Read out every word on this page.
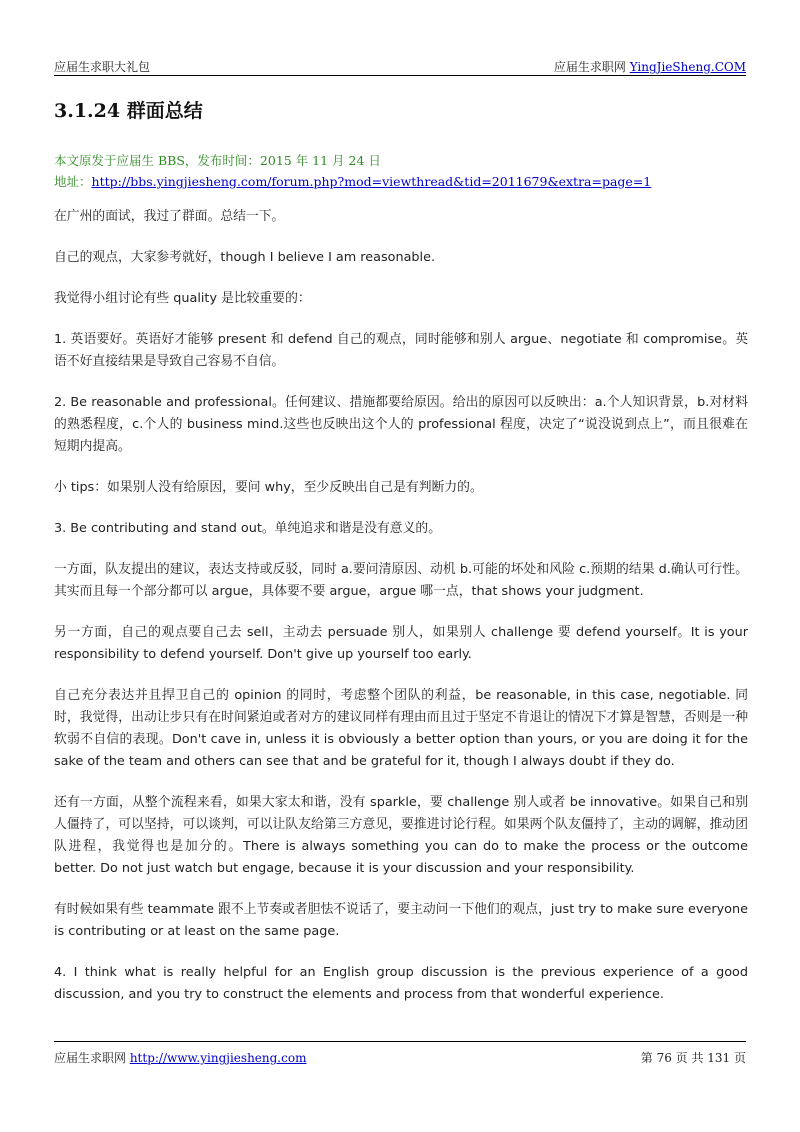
应届生求职大礼包	应届生求职网 YingJieSheng.COM
3.1.24 群面总结
本文原发于应届生 BBS，发布时间：2015 年 11 月 24 日
地址：http://bbs.yingjiesheng.com/forum.php?mod=viewthread&tid=2011679&extra=page=1

在广州的面试，我过了群面。总结一下。

自己的观点，大家参考就好，though I believe I am reasonable.

我觉得小组讨论有些 quality 是比较重要的：

1. 英语要好。英语好才能够 present 和 defend 自己的观点，同时能够和别人 argue、negotiate 和 compromise。英语不好直接结果是导致自己容易不自信。

2. Be reasonable and professional。任何建议、措施都要给原因。给出的原因可以反映出：a.个人知识背景，b.对材料的熟悉程度，c.个人的 business mind.这些也反映出这个人的 professional 程度，决定了“说没说到点上”，而且很难在短期内提高。

小 tips：如果别人没有给原因，要问 why，至少反映出自己是有判断力的。

3. Be contributing and stand out。单纯追求和谐是没有意义的。

一方面，队友提出的建议，表达支持或反驳，同时 a.要问清原因、动机 b.可能的坏处和风险 c.预期的结果 d.确认可行性。其实而且每一个部分都可以 argue，具体要不要 argue，argue 哪一点，that shows your judgment.

另一方面，自己的观点要自己去 sell，主动去 persuade 别人，如果别人 challenge 要 defend yourself。It is your responsibility to defend yourself. Don't give up yourself too early.

自己充分表达并且捍卫自己的 opinion 的同时，考虑整个团队的利益，be reasonable, in this case, negotiable. 同时，我觉得，出动让步只有在时间紧迫或者对方的建议同样有理由而且过于坚定不肯退让的情况下才算是智慧，否则是一种软弱不自信的表现。Don't cave in, unless it is obviously a better option than yours, or you are doing it for the sake of the team and others can see that and be grateful for it, though I always doubt if they do.

还有一方面，从整个流程来看，如果大家太和谐，没有 sparkle，要 challenge 别人或者 be innovative。如果自己和别人僵持了，可以坚持，可以谈判，可以让队友给第三方意见，要推进讨论行程。如果两个队友僵持了，主动的调解，推动团队进程，我觉得也是加分的。There is always something you can do to make the process or the outcome better. Do not just watch but engage, because it is your discussion and your responsibility.

有时候如果有些 teammate 跟不上节奏或者胆怯不说话了，要主动问一下他们的观点，just try to make sure everyone is contributing or at least on the same page.

4. I think what is really helpful for an English group discussion is the previous experience of a good discussion, and you try to construct the elements and process from that wonderful experience.

应届生求职网 http://www.yingjiesheng.com	第 76 页 共 131 页
